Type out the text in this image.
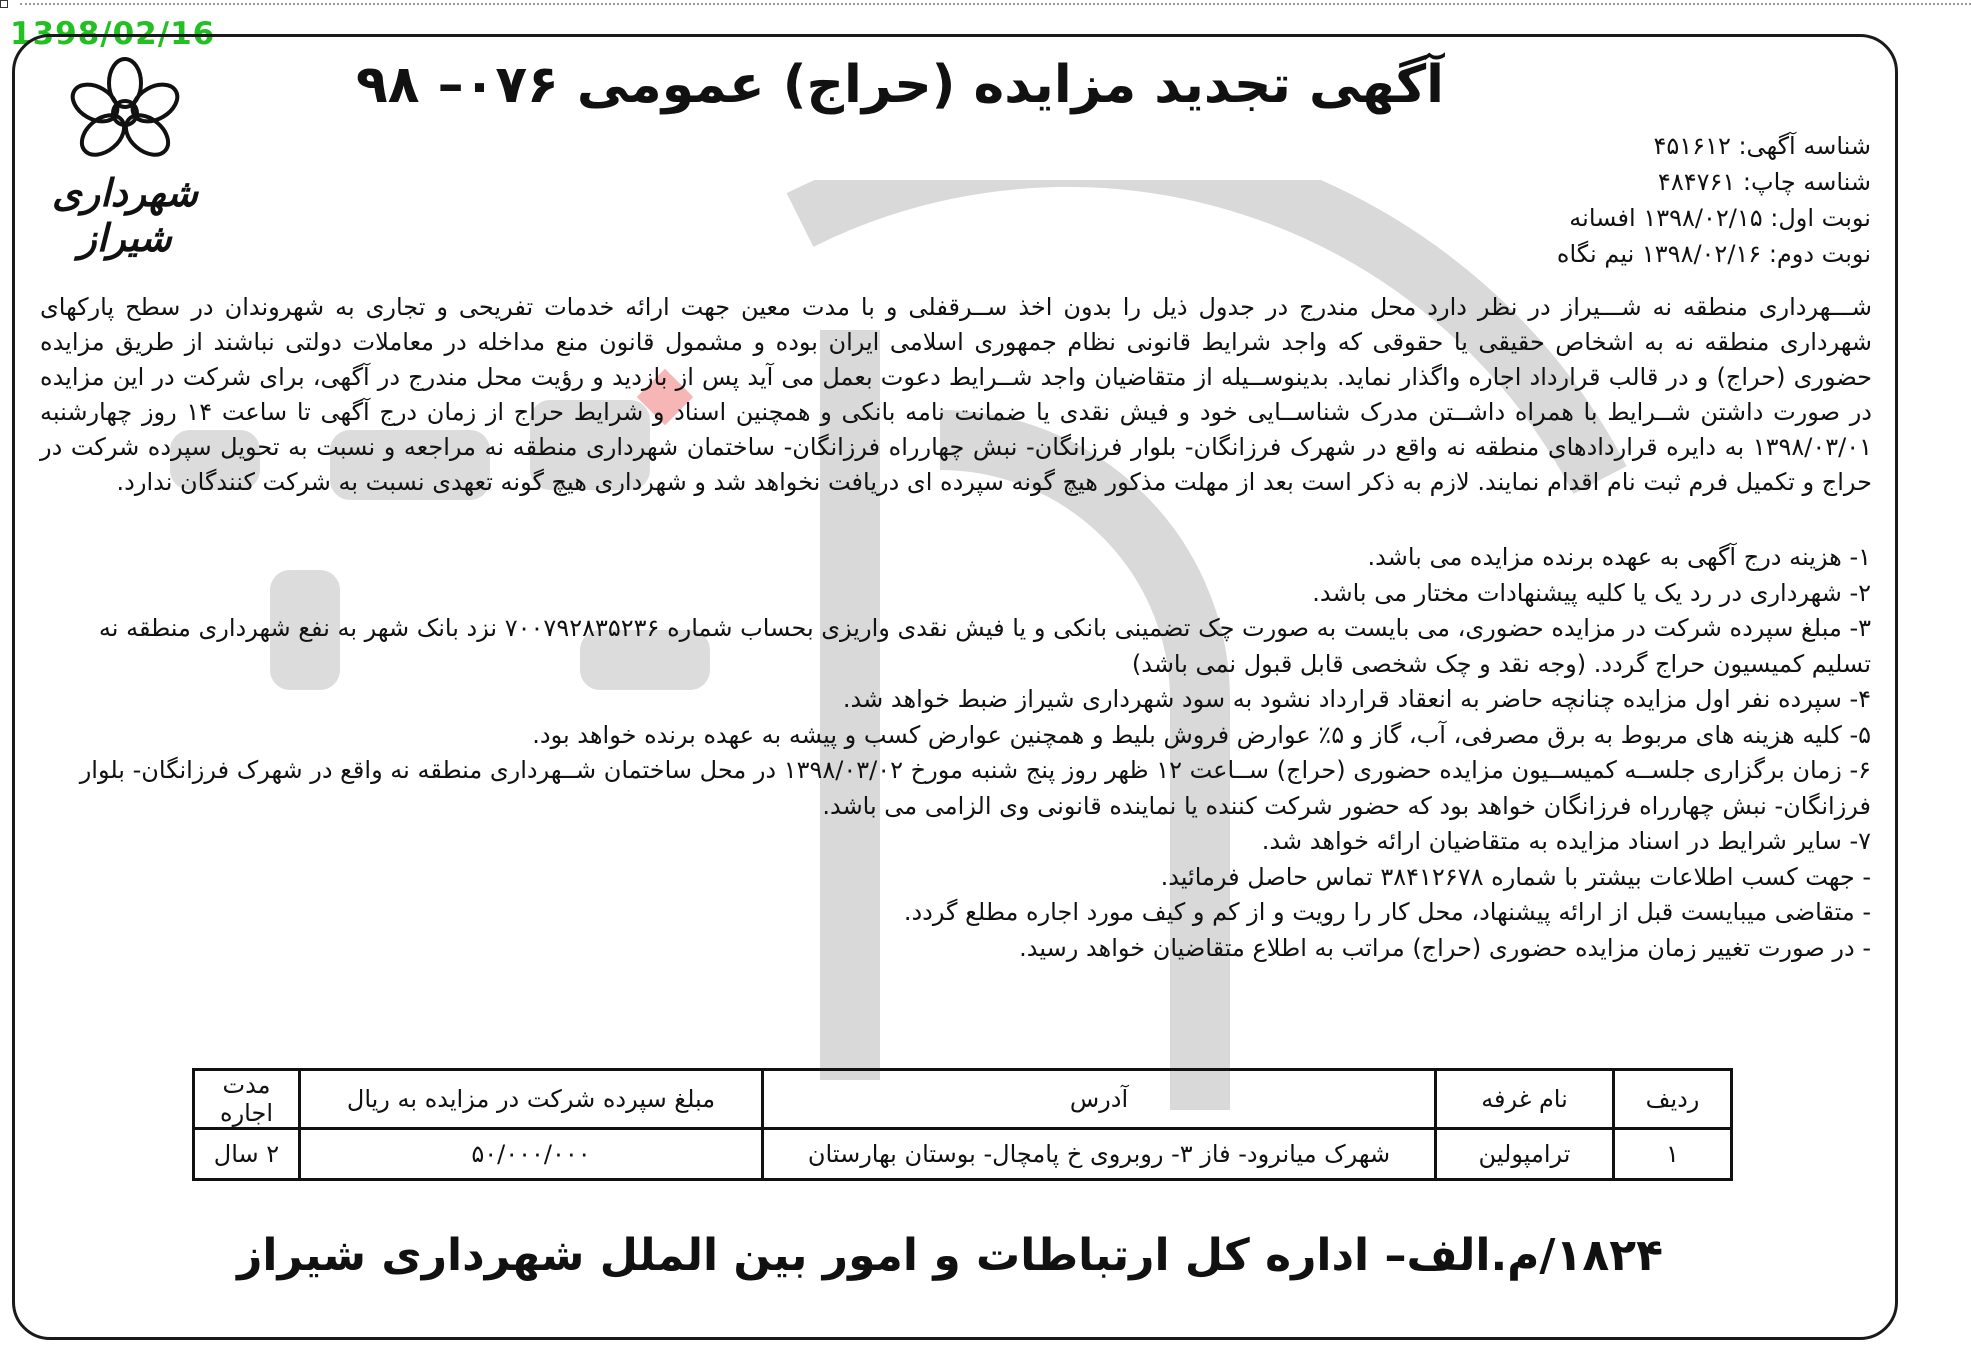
1398/02/16
شهرداری شیراز
آگهی تجدید مزایده (حراج) عمومی ۰۷۶– ۹۸
شناسه آگهی: ۴۵۱۶۱۲
شناسه چاپ: ۴۸۴۷۶۱
نوبت اول: ۱۳۹۸/۰۲/۱۵ افسانه
نوبت دوم: ۱۳۹۸/۰۲/۱۶ نیم نگاه

شـــهرداری منطقه نه شـــیراز در نظر دارد محل مندرج در جدول ذیل را بدون اخذ ســرقفلی و با مدت معین جهت ارائه خدمات تفریحی و تجاری به شهروندان در سطح پارکهای شهرداری منطقه نه به اشخاص حقیقی یا حقوقی که واجد شرایط قانونی نظام جمهوری اسلامی ایران بوده و مشمول قانون منع مداخله در معاملات دولتی نباشند از طریق مزایده حضوری (حراج) و در قالب قرارداد اجاره واگذار نماید. بدینوســیله از متقاضیان واجد شــرایط دعوت بعمل می آید پس از بازدید و رؤیت محل مندرج در آگهی، برای شرکت در این مزایده در صورت داشتن شــرایط با همراه داشــتن مدرک شناســایی خود و فیش نقدی یا ضمانت نامه بانکی و همچنین اسناد و شرایط حراج از زمان درج آگهی تا ساعت ۱۴ روز چهارشنبه ۱۳۹۸/۰۳/۰۱ به دایره قراردادهای منطقه نه واقع در شهرک فرزانگان- بلوار فرزانگان- نبش چهارراه فرزانگان- ساختمان شهرداری منطقه نه مراجعه و نسبت به تحویل سپرده شرکت در حراج و تکمیل فرم ثبت نام اقدام نمایند. لازم به ذکر است بعد از مهلت مذکور هیچ گونه سپرده ای دریافت نخواهد شد و شهرداری هیچ گونه تعهدی نسبت به شرکت کنندگان ندارد.

۱- هزینه درج آگهی به عهده برنده مزایده می باشد.

۲- شهرداری در رد یک یا کلیه پیشنهادات مختار می باشد.

۳- مبلغ سپرده شرکت در مزایده حضوری، می بایست به صورت چک تضمینی بانکی و یا فیش نقدی واریزی بحساب شماره ۷۰۰۷۹۲۸۳۵۲۳۶ نزد بانک شهر به نفع شهرداری منطقه نه تسلیم کمیسیون حراج گردد. (وجه نقد و چک شخصی قابل قبول نمی باشد)

۴- سپرده نفر اول مزایده چنانچه حاضر به انعقاد قرارداد نشود به سود شهرداری شیراز ضبط خواهد شد.

۵- کلیه هزینه های مربوط به برق مصرفی، آب، گاز و ۵٪ عوارض فروش بلیط و همچنین عوارض کسب و پیشه به عهده برنده خواهد بود.

۶- زمان برگزاری جلســه کمیســیون مزایده حضوری (حراج) ســاعت ۱۲ ظهر روز پنج شنبه مورخ ۱۳۹۸/۰۳/۰۲ در محل ساختمان شــهرداری منطقه نه واقع در شهرک فرزانگان- بلوار فرزانگان- نبش چهارراه فرزانگان خواهد بود که حضور شرکت کننده یا نماینده قانونی وی الزامی می باشد.

۷- سایر شرایط در اسناد مزایده به متقاضیان ارائه خواهد شد.

- جهت کسب اطلاعات بیشتر با شماره ۳۸۴۱۲۶۷۸ تماس حاصل فرمائید.

- متقاضی میبایست قبل از ارائه پیشنهاد، محل کار را رویت و از کم و کیف مورد اجاره مطلع گردد.

- در صورت تغییر زمان مزایده حضوری (حراج) مراتب به اطلاع متقاضیان خواهد رسید.

ردیف	نام غرفه	آدرس	مبلغ سپرده شرکت در مزایده به ریال	مدت اجاره
۱	ترامپولین	شهرک میانرود- فاز ۳- روبروی خ پامچال- بوستان بهارستان	۵۰/۰۰۰/۰۰۰	۲ سال
۱۸۲۴/م.الف– اداره کل ارتباطات و امور بین الملل شهرداری شیراز
